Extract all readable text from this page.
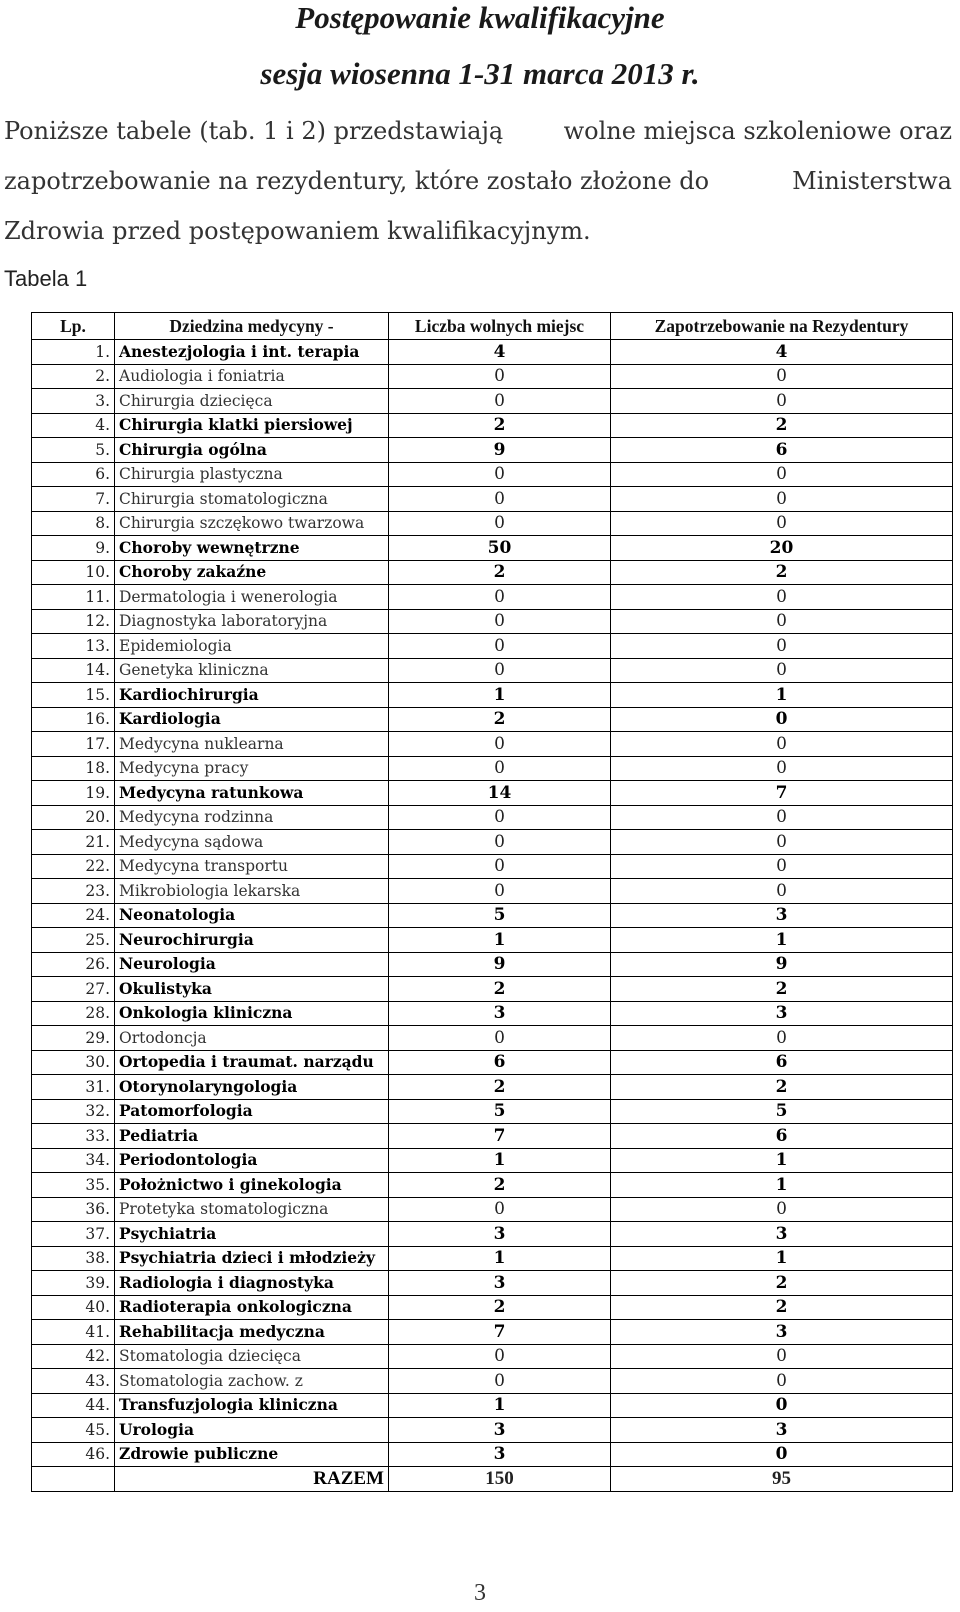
Postępowanie kwalifikacyjne
sesja wiosenna 1-31 marca 2013 r.
Poniższe tabele (tab. 1 i 2) przedstawiają	wolne miejsca szkoleniowe oraz
zapotrzebowanie na rezydentury, które zostało złożone do	Ministerstwa
Zdrowia przed postępowaniem kwalifikacyjnym.
Tabela 1
Lp.	Dziedzina medycyny -	Liczba wolnych miejsc	Zapotrzebowanie na Rezydentury
1.	Anestezjologia i int. terapia	4	4
2.	Audiologia i foniatria	0	0
3.	Chirurgia dziecięca	0	0
4.	Chirurgia klatki piersiowej	2	2
5.	Chirurgia ogólna	9	6
6.	Chirurgia plastyczna	0	0
7.	Chirurgia stomatologiczna	0	0
8.	Chirurgia szczękowo twarzowa	0	0
9.	Choroby wewnętrzne	50	20
10.	Choroby zakaźne	2	2
11.	Dermatologia i wenerologia	0	0
12.	Diagnostyka laboratoryjna	0	0
13.	Epidemiologia	0	0
14.	Genetyka kliniczna	0	0
15.	Kardiochirurgia	1	1
16.	Kardiologia	2	0
17.	Medycyna nuklearna	0	0
18.	Medycyna pracy	0	0
19.	Medycyna ratunkowa	14	7
20.	Medycyna rodzinna	0	0
21.	Medycyna sądowa	0	0
22.	Medycyna transportu	0	0
23.	Mikrobiologia lekarska	0	0
24.	Neonatologia	5	3
25.	Neurochirurgia	1	1
26.	Neurologia	9	9
27.	Okulistyka	2	2
28.	Onkologia kliniczna	3	3
29.	Ortodoncja	0	0
30.	Ortopedia i traumat. narządu	6	6
31.	Otorynolaryngologia	2	2
32.	Patomorfologia	5	5
33.	Pediatria	7	6
34.	Periodontologia	1	1
35.	Położnictwo i ginekologia	2	1
36.	Protetyka stomatologiczna	0	0
37.	Psychiatria	3	3
38.	Psychiatria dzieci i młodzieży	1	1
39.	Radiologia i diagnostyka	3	2
40.	Radioterapia onkologiczna	2	2
41.	Rehabilitacja medyczna	7	3
42.	Stomatologia dziecięca	0	0
43.	Stomatologia zachow. z	0	0
44.	Transfuzjologia kliniczna	1	0
45.	Urologia	3	3
46.	Zdrowie publiczne	3	0
	RAZEM	150	95
3
